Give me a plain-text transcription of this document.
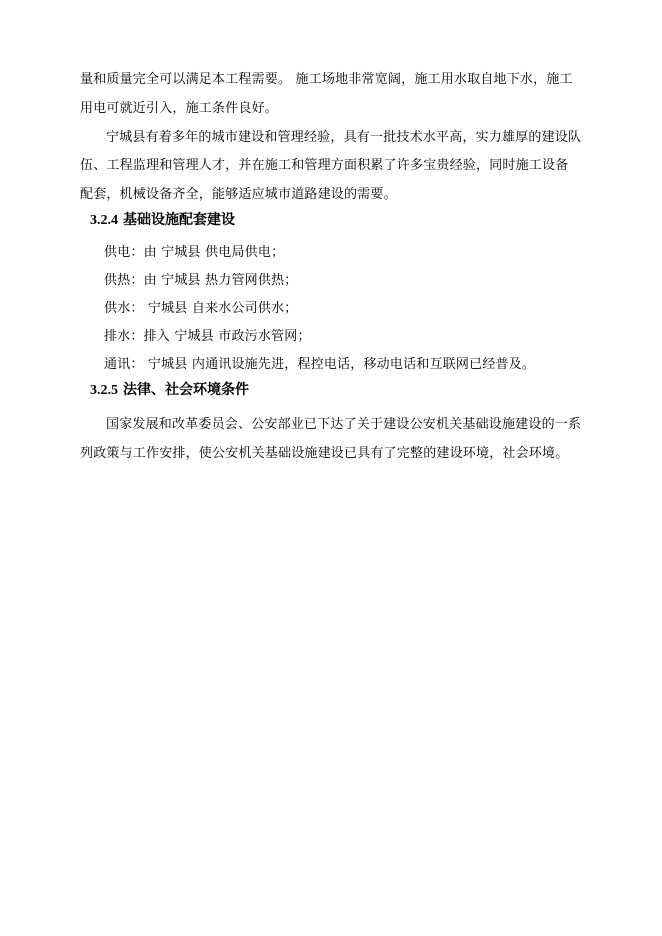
量和质量完全可以满足本工程需要。 施工场地非常宽阔，施工用水取自地下水，施工
用电可就近引入，施工条件良好。
宁城县有着多年的城市建设和管理经验，具有一批技术水平高，实力雄厚的建设队
伍、工程监理和管理人才，并在施工和管理方面积累了许多宝贵经验，同时施工设备
配套，机械设备齐全，能够适应城市道路建设的需要。
3.2.4 基础设施配套建设
供电：由 宁城县 供电局供电；
供热：由 宁城县 热力管网供热；
供水： 宁城县 自来水公司供水；
排水：排入 宁城县 市政污水管网；
通讯： 宁城县 内通讯设施先进，程控电话，移动电话和互联网已经普及。
3.2.5 法律、社会环境条件
国家发展和改革委员会、公安部业已下达了关于建设公安机关基础设施建设的一系
列政策与工作安排，使公安机关基础设施建设已具有了完整的建设环境，社会环境。
